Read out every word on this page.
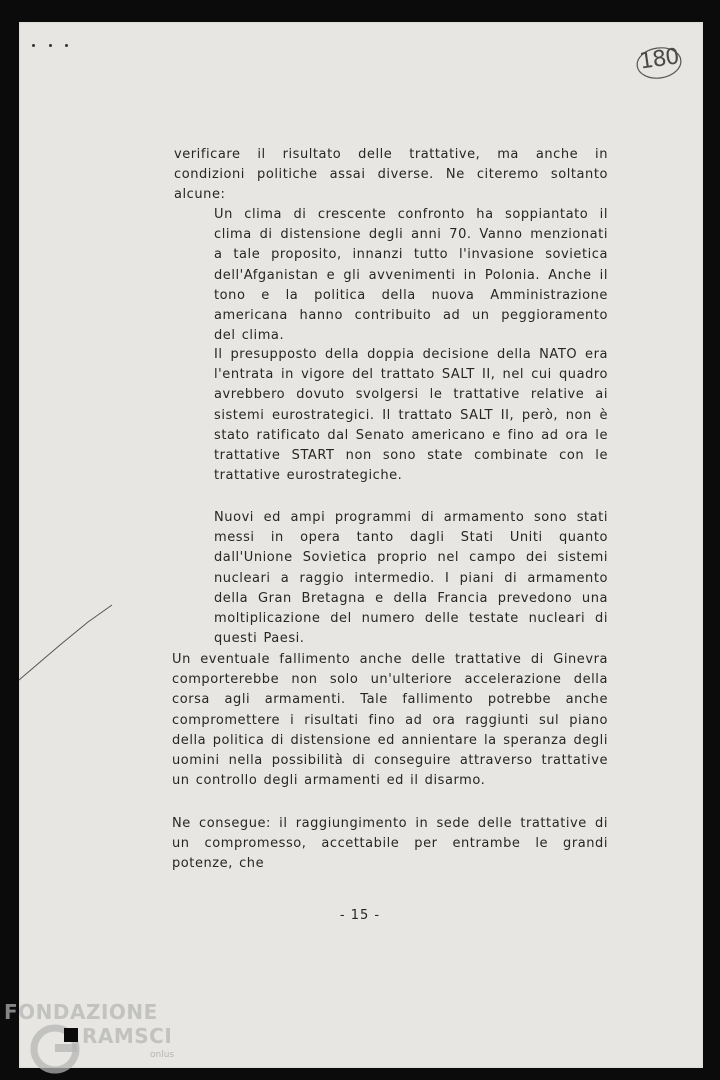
180

verificare il risultato delle trattative, ma anche in condizioni politiche assai diverse. Ne citeremo soltanto alcune:

Un clima di crescente confronto ha soppiantato il clima di distensione degli anni 70. Vanno menzionati a tale proposito, innanzi tutto l'invasione sovietica dell'Afganistan e gli avvenimenti in Polonia. Anche il tono e la politica della nuova Amministrazione americana hanno contribuito ad un peggioramento del clima.

Il presupposto della doppia decisione della NATO era l'entrata in vigore del trattato SALT II, nel cui quadro avrebbero dovuto svolgersi le trattative relative ai sistemi eurostrategici. Il trattato SALT II, però, non è stato ratificato dal Senato americano e fino ad ora le trattative START non sono state combinate con le trattative eurostrategiche.

Nuovi ed ampi programmi di armamento sono stati messi in opera tanto dagli Stati Uniti quanto dall'Unione Sovietica proprio nel campo dei sistemi nucleari a raggio intermedio. I piani di armamento della Gran Bretagna e della Francia prevedono una moltiplicazione del numero delle testate nucleari di questi Paesi.

Un eventuale fallimento anche delle trattative di Ginevra comporterebbe non solo un'ulteriore accelerazione della corsa agli armamenti. Tale fallimento potrebbe anche compromettere i risultati fino ad ora raggiunti sul piano della politica di distensione ed annientare la speranza degli uomini nella possibilità di conseguire attraverso trattative un controllo degli armamenti ed il disarmo.

Ne consegue: il raggiungimento in sede delle trattative di un compromesso, accettabile per entrambe le grandi potenze, che

- 15 -
FONDAZIONE
RAMSCI
onlus
